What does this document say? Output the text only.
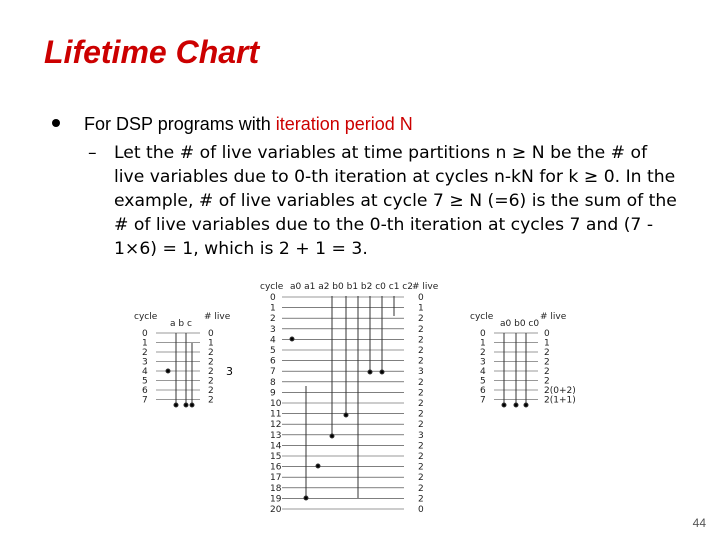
Lifetime Chart
For DSP programs with iteration period N
– Let the # of live variables at time partitions n ≥ N be the # of live variables due to 0-th iteration at cycles n-kN for k ≥ 0. In the example, # of live variables at cycle 7 ≥ N (=6) is the sum of the # of live variables due to the 0-th iteration at cycles 7 and (7 - 1×6) = 1, which is 2 + 1 = 3.
cycle
a b c
# live
0	0
1	1
2	2
3	2
4	2
5	2
6	2
7	2
3
cycle a0 a1 a2 b0 b1 b2 c0 c1 c2 # live
0	0
1	1
2	2
3	2
4	2
5	2
6	2
7	3
8	2
9	2
10	2
11	2
12	2
13	3
14	2
15	2
16	2
17	2
18	2
19	2
20	0
cycle
a0 b0 c0
# live
0	0
1	1
2	2
3	2
4	2
5	2
6	2(0+2)
7	2(1+1)
44
